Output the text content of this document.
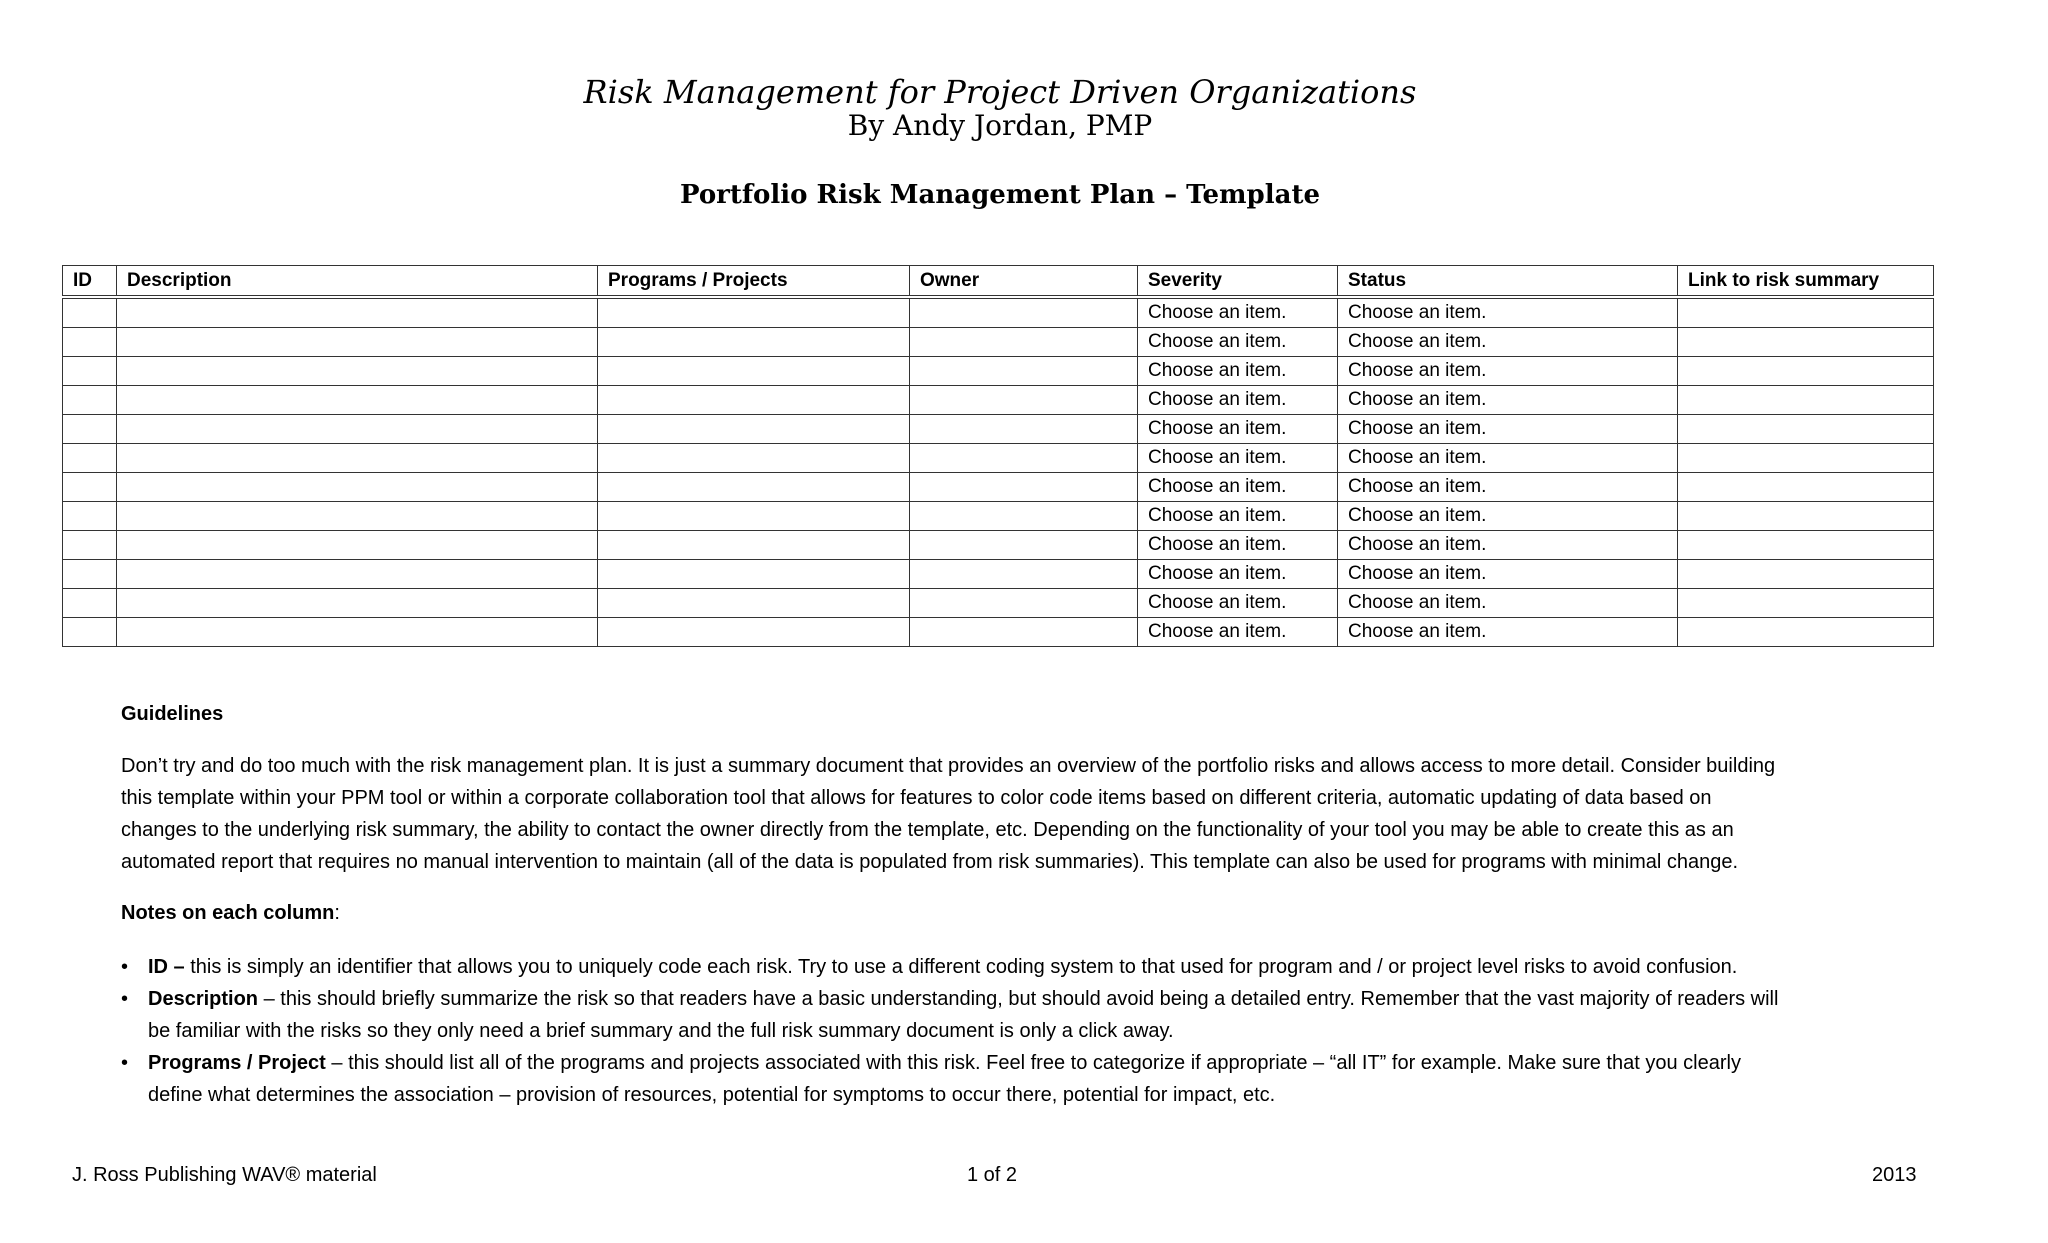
Risk Management for Project Driven Organizations
By Andy Jordan, PMP
Portfolio Risk Management Plan – Template
ID	Description	Programs / Projects	Owner	Severity	Status	Link to risk summary
				Choose an item.	Choose an item.	
				Choose an item.	Choose an item.	
				Choose an item.	Choose an item.	
				Choose an item.	Choose an item.	
				Choose an item.	Choose an item.	
				Choose an item.	Choose an item.	
				Choose an item.	Choose an item.	
				Choose an item.	Choose an item.	
				Choose an item.	Choose an item.	
				Choose an item.	Choose an item.	
				Choose an item.	Choose an item.	
				Choose an item.	Choose an item.	
Guidelines
Don’t try and do too much with the risk management plan. It is just a summary document that provides an overview of the portfolio risks and allows access to more detail. Consider building
this template within your PPM tool or within a corporate collaboration tool that allows for features to color code items based on different criteria, automatic updating of data based on
changes to the underlying risk summary, the ability to contact the owner directly from the template, etc. Depending on the functionality of your tool you may be able to create this as an
automated report that requires no manual intervention to maintain (all of the data is populated from risk summaries). This template can also be used for programs with minimal change.
Notes on each column:
• ID – this is simply an identifier that allows you to uniquely code each risk. Try to use a different coding system to that used for program and / or project level risks to avoid confusion.
• Description – this should briefly summarize the risk so that readers have a basic understanding, but should avoid being a detailed entry. Remember that the vast majority of readers will
be familiar with the risks so they only need a brief summary and the full risk summary document is only a click away.
• Programs / Project – this should list all of the programs and projects associated with this risk. Feel free to categorize if appropriate – “all IT” for example. Make sure that you clearly
define what determines the association – provision of resources, potential for symptoms to occur there, potential for impact, etc.
J. Ross Publishing WAV® material	1 of 2	2013
